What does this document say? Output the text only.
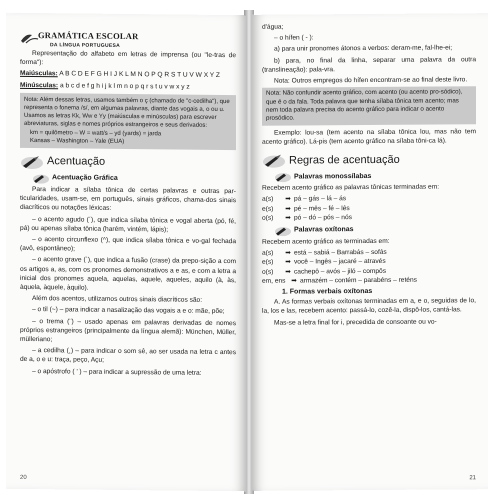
GRAMÁTICA ESCOLAR
DA LÍNGUA PORTUGUESA

Representação do alfabeto em letras de imprensa (ou "le-tras de forma"):

Maiúsculas: A B C D E F G H I J K L M N O P Q R S T U V W X Y Z

Minúsculas: a b c d e f g h i j k l m n o p q r s t u v w x y z

Nota: Além dessas letras, usamos também o ç (chamado de "c-cedilha"), que representa o fonema /s/, em algumas palavras, diante das vogais a, o ou u. Usamos as letras Kk, Ww e Yy (maiúsculas e minúsculas) para escrever abreviaturas, siglas e nomes próprios estrangeiros e seus derivados:
km = quilômetro – W = watt/s – yd (yards) = jarda
Kansas – Washington – Yale (EUA)
Acentuação
Acentuação Gráfica

Para indicar a sílaba tônica de certas palavras e outras par-ticularidades, usam-se, em português, sinais gráficos, chama-dos sinais diacríticos ou notações léxicas:

– o acento agudo (´), que indica sílaba tônica e vogal aberta (pó, fé, pá) ou apenas sílaba tônica (harém, vintém, lápis);

– o acento circunflexo (^), que indica sílaba tônica e vo-gal fechada (avô, espontâneo);

– o acento grave (`), que indica a fusão (crase) da prepo-sição a com os artigos a, as, com os pronomes demonstrativos a e as, e com a letra a inicial dos pronomes aquela, aquelas, aquele, aqueles, aquilo (à, às, àquela, àquele, àquilo).

Além dos acentos, utilizamos outros sinais diacríticos são:

– o til (~) – para indicar a nasalização das vogais a e o: mãe, põe;

– o trema (¨) – usado apenas em palavras derivadas de nomes próprios estrangeiros (principalmente da língua alemã): München, Müller, mülleriano;

– a cedilha (¸) – para indicar o som sê, ao ser usada na letra c antes de a, o e u: traça, peço, Açu;

– o apóstrofo ( ’ ) – para indicar a supressão de uma letra:

20

d'água;

– o hífen ( - ):

a) para unir pronomes átonos a verbos: deram-me, fal-lhe-ei;

b) para, no final da linha, separar uma palavra da outra (translineação): pala-vra.

Nota: Outros empregos do hífen encontram-se ao final deste livro.

Nota: Não confundir acento gráfico, com acento (ou acento pro-sódico), que é o da fala. Toda palavra que tenha sílaba tônica tem acento; mas nem toda palavra precisa do acento gráfico para indicar o acento prosódico.

Exemplo: lou-sa (tem acento na sílaba tônica lou, mas não tem acento gráfico). Lá-pis (tem acento gráfico na sílaba tôni-ca lá).

Regras de acentuação
Palavras monossílabas

Recebem acento gráfico as palavras tônicas terminadas em:

a(s) ➡ pá – gás – lá – ás
e(s) ➡ pé – mês – fé – lês
o(s) ➡ pó – dó – pós – nós
Palavras oxítonas

Recebem acento gráfico as terminadas em:

a(s) ➡ está – sabiá – Barrabás – sofás
e(s) ➡ você – Ingês – jacaré – através
o(s) ➡ cachepô – avós – jiló – compôs
em, ens ➡ armazém – contém – parabéns – reténs
1. Formas verbais oxítonas

A. As formas verbais oxítonas terminadas em a, e o, seguidas de lo, la, los e las, recebem acento: passá-lo, cozê-la, dispô-los, cantá-las.

Mas-se a letra final for i, precedida de consoante ou vo-

21
